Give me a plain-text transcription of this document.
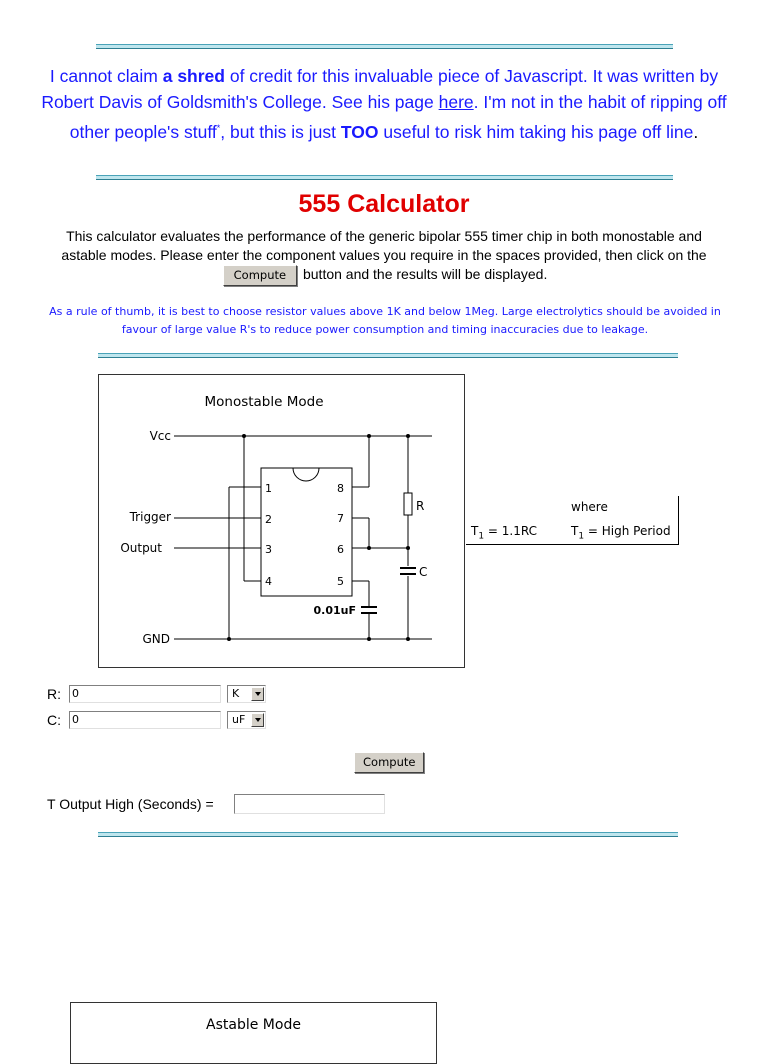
I cannot claim a shred of credit for this invaluable piece of Javascript. It was written by Robert Davis of Goldsmith's College. See his page here. I'm not in the habit of ripping off other people's stuff*, but this is just TOO useful to risk him taking his page off line.
555 Calculator
This calculator evaluates the performance of the generic bipolar 555 timer chip in both monostable and astable modes. Please enter the component values you require in the spaces provided, then click on the Compute button and the results will be displayed.
As a rule of thumb, it is best to choose resistor values above 1K and below 1Meg. Large electrolytics should be avoided in favour of large value R's to reduce power consumption and timing inaccuracies due to leakage.
Monostable Mode
Vcc
Trigger
Output
GND
1
2
3
4	5
6
7
8
R
C
0.01uF
where
$T_1 = 1.1RC$	$T_1$ = High Period
R:	0	K
C:	0	uF
Compute
T Output High (Seconds) =
Astable Mode
